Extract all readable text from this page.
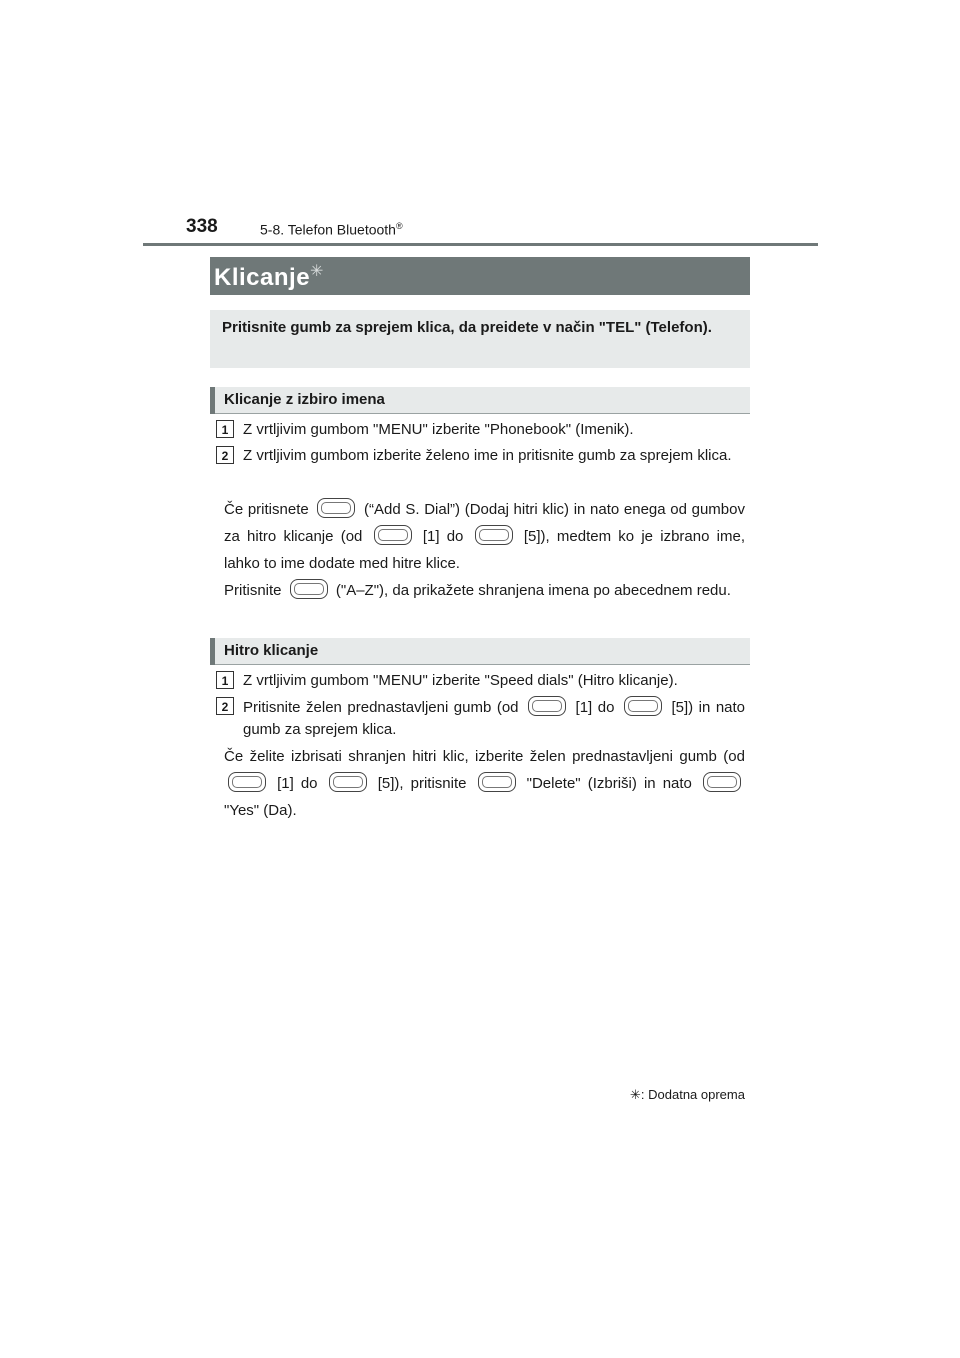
338	5-8. Telefon Bluetooth®
Klicanje✳
Pritisnite gumb za sprejem klica, da preidete v način "TEL" (Telefon).
Klicanje z izbiro imena
1 Z vrtljivim gumbom "MENU" izberite "Phonebook" (Imenik).
2 Z vrtljivim gumbom izberite želeno ime in pritisnite gumb za sprejem klica.
Če pritisnete	(“Add S. Dial”) (Dodaj hitri klic) in nato enega od gumbov za hitro klicanje (od	[1] do	[5]), medtem ko je izbrano ime, lahko to ime dodate med hitre klice.
Pritisnite	("A–Z"), da prikažete shranjena imena po abecednem redu.
Hitro klicanje
1 Z vrtljivim gumbom "MENU" izberite "Speed dials" (Hitro klicanje).
2 Pritisnite želen prednastavljeni gumb (od	[1] do	[5]) in nato gumb za sprejem klica.
Če želite izbrisati shranjen hitri klic, izberite želen prednastavljeni gumb (od  [1] do	[5]), pritisnite	"Delete" (Izbriši) in nato  "Yes" (Da).
✳: Dodatna oprema
